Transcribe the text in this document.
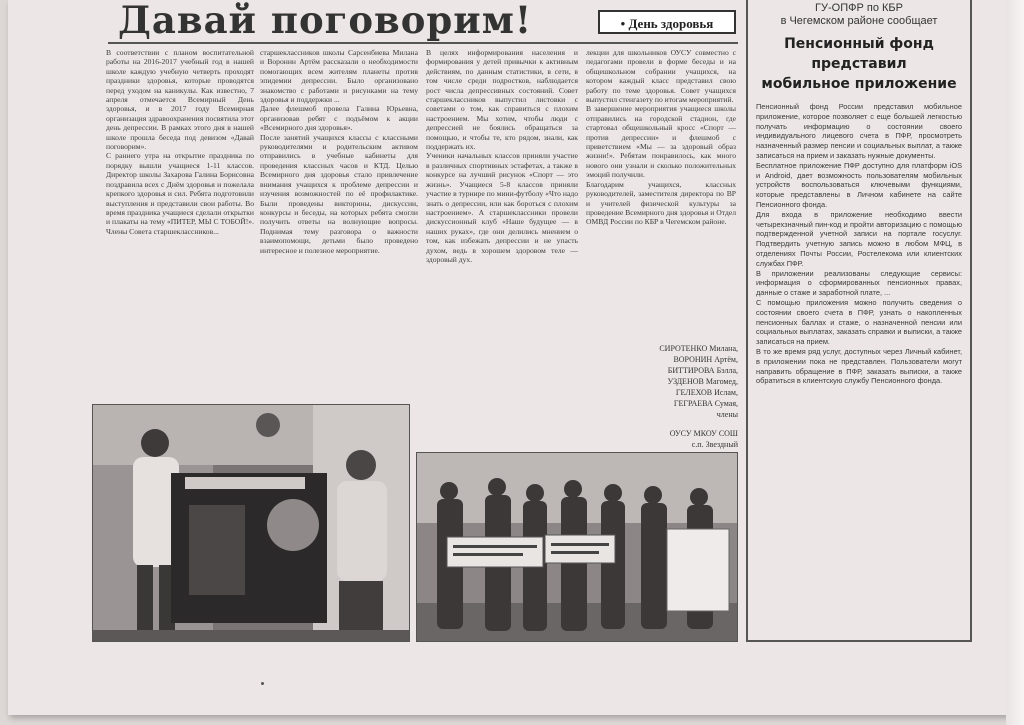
Давай поговорим!	• День здоровья
В соответствии с планом воспитательной работы на 2016-2017 учебный год в нашей школе каждую учебную четверть проходят праздники здоровья, которые проводятся перед уходом на каникулы. Как известно, 7 апреля отмечается Всемирный День здоровья, и в 2017 году Всемирная организация здравоохранения посвятила этот день депрессии. В рамках этого дня в нашей школе прошла беседа под девизом «Давай поговорим».
С раннего утра на открытие праздника по порядку вышли учащиеся 1-11 классов. Директор школы Захарова Галина Борисовна поздравила всех с Днём здоровья и пожелала крепкого здоровья и сил. Ребята подготовили выступления и представили свои работы. Во время праздника учащиеся сделали открытки и плакаты на тему «ПИТЕР, МЫ С ТОБОЙ!». Члены Совета старшеклассников...
старшеклассников школы Сарсенбиева Милана и Воронин Артём рассказали о необходимости помогающих всем жителям планеты против эпидемии депрессии. Было организовано знакомство с работами и рисунками на тему здоровья и поддержки ...
Далее флешмоб провела Галина Юрьевна, организовав ребят с подъёмом к акции «Всемирного дня здоровья».
После занятий учащихся классы с классными руководителями и родительским активом отправились в учебные кабинеты для проведения классных часов и КТД. Целью Всемирного дня здоровья стало привлечение внимания учащихся к проблеме депрессии и изучения возможностей по её профилактике. Были проведены викторины, дискуссии, конкурсы и беседы, на которых ребята смогли получить ответы на волнующие вопросы. Поднимая тему разговора о важности взаимопомощи, детьми было проведено интересное и полезное мероприятие.
В целях информирования населения и формирования у детей привычки к активным действиям, по данным статистики, в сети, в том числе среди подростков, наблюдается рост числа депрессивных состояний. Совет старшеклассников выпустил листовки с советами о том, как справиться с плохим настроением. Мы хотим, чтобы люди с депрессией не боялись обращаться за помощью, и чтобы те, кто рядом, знали, как поддержать их.
Ученики начальных классов приняли участие в различных спортивных эстафетах, а также в конкурсе на лучший рисунок «Спорт — это жизнь». Учащиеся 5-8 классов приняли участие в турнире по мини-футболу «Что надо знать о депрессии, или как бороться с плохим настроением». А старшеклассники провели дискуссионный клуб «Наше будущее — в наших руках», где они делились мнением о том, как избежать депрессии и не упасть духом, ведь в хорошем здоровом теле — здоровый дух.
лекции для школьников ОУСУ совместно с педагогами провели в форме беседы и на общешкольном собрании учащихся, на котором каждый класс представил свою работу по теме здоровья. Совет учащихся выпустил стенгазету по итогам мероприятий.
В завершение мероприятия учащиеся школы отправились на городской стадион, где стартовал общешкольный кросс «Спорт — против депрессии» и флешмоб с приветствием «Мы — за здоровый образ жизни!». Ребятам понравилось, как много нового они узнали и сколько положительных эмоций получили.
Благодарим учащихся, классных руководителей, заместителя директора по ВР и учителей физической культуры за проведение Всемирного дня здоровья и Отдел ОМВД России по КБР в Чегемском районе.
СИРОТЕНКО Милана,
ВОРОНИН Артём,
БИТТИРОВА Бэлла,
УЗДЕНОВ Магомед,
ГЕЛЕХОВ Ислам,
ГЕГРАЕВА Сумая,
члены
ОУСУ МКОУ СОШ
с.п. Звездный
ГУ-ОПФР по КБР
в Чегемском районе сообщает
Пенсионный фонд
представил
мобильное приложение
Пенсионный фонд России представил мобильное приложение, которое позволяет с еще большей легкостью получать информацию о состоянии своего индивидуального лицевого счета в ПФР, просмотреть назначенный размер пенсии и социальных выплат, а также записаться на прием и заказать нужные документы.
Бесплатное приложение ПФР доступно для платформ iOS и Android, дает возможность пользователям мобильных устройств воспользоваться ключевыми функциями, которые представлены в Личном кабинете на сайте Пенсионного фонда.
Для входа в приложение необходимо ввести четырехзначный пин-код и пройти авторизацию с помощью подтвержденной учетной записи на портале госуслуг. Подтвердить учетную запись можно в любом МФЦ, в отделениях Почты России, Ростелекома или клиентских службах ПФР.
В приложении реализованы следующие сервисы: информация о сформированных пенсионных правах, данные о стаже и заработной плате, ...
С помощью приложения можно получить сведения о состоянии своего счета в ПФР, узнать о накопленных пенсионных баллах и стаже, о назначенной пенсии или социальных выплатах, заказать справки и выписки, а также записаться на прием.
В то же время ряд услуг, доступных через Личный кабинет, в приложении пока не представлен. Пользователи могут направить обращение в ПФР, заказать выписки, а также обратиться в клиентскую службу Пенсионного фонда.
